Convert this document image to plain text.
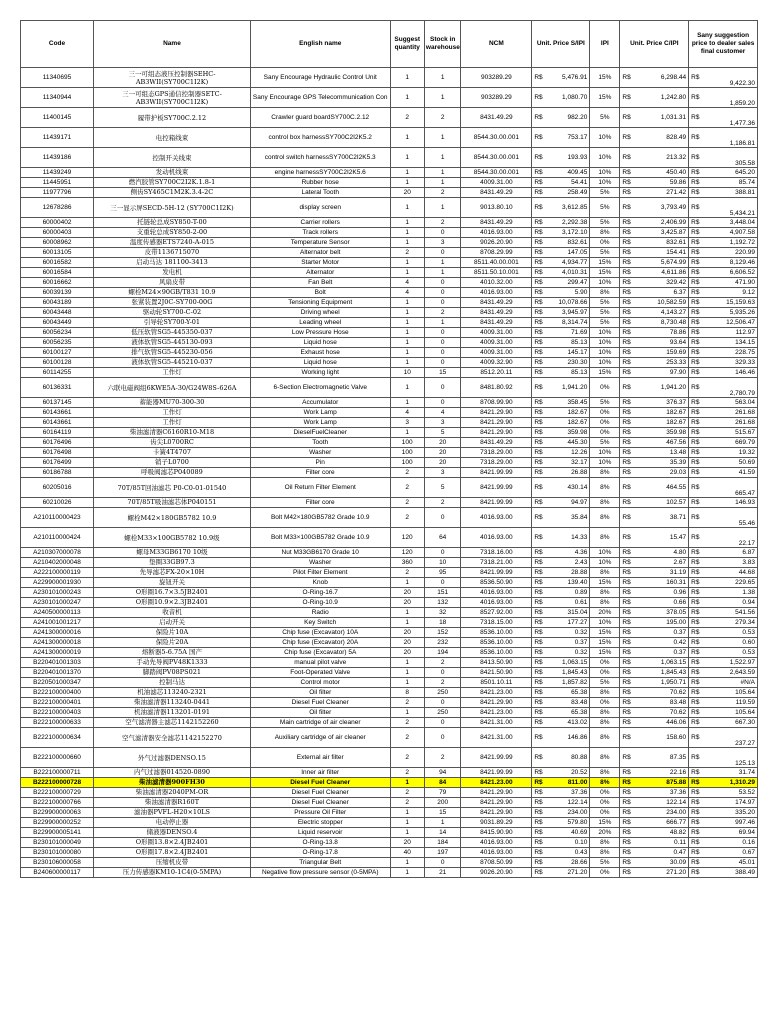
Code	Name	English name	Suggest quantity	Stock in warehouse	NCM	Unit. Price S/IPI		IPI	Unit. Price C/IPI		Sany suggestion price to dealer sales final customer	
11340695	三一可组态液压控制器SEHC-AB3WII(SY700C1I2K)	Sany Encourage Hydraulic Control Unit	1	1	903289.29	R$	5,476.91	15%	R$	6,298.44	R$	9,422.30
11340944	三一可组态GPS通信控制器SETC-AB3WII(SY700C1I2K)	Sany Encourage GPS Telecommunication Con	1	1	903289.29	R$	1,080.70	15%	R$	1,242.80	R$	1,859.20
11400145	履带护板SY700C.2.12	Crawler guard boardSY700C.2.12	2	2	8431.49.29	R$	982.20	5%	R$	1,031.31	R$	1,477.36
11439171	电控箱线束	control box harnessSY700C2I2K5.2	1	1	8544.30.00.001	R$	753.17	10%	R$	828.49	R$	1,186.81
11439186	控制开关线束	control switch harnessSY700C2I2K5.3	1	1	8544.30.00.001	R$	193.93	10%	R$	213.32	R$	305.58
11439249	发动机线束	engine harnessSY700C2I2K5.6	1	1	8544.30.00.001	R$	409.45	10%	R$	450.40	R$	645.20
11445951	燃汽胶管SY700C2I2K.1.8-1	Rubber hose	1	1	4009.31.00	R$	54.41	10%	R$	59.86	R$	85.74
11977796	侧齿SY465C1M2K.3.4-2C	Lateral Tooth	20	2	8431.49.29	R$	258.49	5%	R$	271.42	R$	388.81
12678286	三一显示屏SECD-5H-12 (SY700C1I2K)	display screen	1	1	9013.80.10	R$	3,612.85	5%	R$	3,793.49	R$	5,434.21
60000402	托链轮总成SY850-T-00	Carrier rollers	1	2	8431.49.29	R$	2,292.38	5%	R$	2,406.99	R$	3,448.04
60000403	支重轮总成SY850-2-00	Track rollers	1	0	4016.93.00	R$	3,172.10	8%	R$	3,425.87	R$	4,907.58
60008962	温度传感器ETS7240-A-015	Temperature Sensor	1	3	9026.20.90	R$	832.61	0%	R$	832.61	R$	1,192.72
60013105	皮带1136715070	Alternator belt	2	0	8708.29.99	R$	147.05	5%	R$	154.41	R$	220.99
60016582	启动马达 181100-3413	Starter Motor	1	1	8511.40.00.001	R$	4,934.77	15%	R$	5,674.99	R$	8,129.46
60016584	发电机	Alternator	1	1	8511.50.10.001	R$	4,010.31	15%	R$	4,611.86	R$	6,606.52
60016662	风扇皮带	Fan Belt	4	0	4010.32.00	R$	299.47	10%	R$	329.42	R$	471.90
60039139	螺栓M24×90GB/T831 10.9	Bolt	4	0	4016.93.00	R$	5.90	8%	R$	6.37	R$	9.12
60043189	张紧装置2J0C-SY700-00G	Tensioning Equipment	1	0	8431.49.29	R$	10,078.66	5%	R$	10,582.59	R$	15,159.63
60043448	驱动轮SY700-C-02	Driving wheel	1	2	8431.49.29	R$	3,945.97	5%	R$	4,143.27	R$	5,935.26
60043449	引导轮SY700-Y-01	Leading wheel	1	1	8431.49.29	R$	8,314.74	5%	R$	8,730.48	R$	12,506.47
60056234	低压软管SG5-445350-037	Low Pressure Hose	1	0	4009.31.00	R$	71.69	10%	R$	78.86	R$	112.97
60056235	液体软管SG5-445130-093	Liquid hose	1	0	4009.31.00	R$	85.13	10%	R$	93.64	R$	134.15
60100127	排气软管SG5-445230-056	Exhaust hose	1	0	4009.31.00	R$	145.17	10%	R$	159.69	R$	228.75
60100128	液体软管SG5-445210-037	Liquid hose	1	0	4009.32.90	R$	230.30	10%	R$	253.33	R$	329.33
60114255	工作灯	Working light	10	15	8512.20.11	R$	85.13	15%	R$	97.90	R$	146.46
60136331	六联电磁阀组6KWE5A-30/G24W8S-626A	6-Section Electromagnetic Valve	1	0	8481.80.92	R$	1,941.20	0%	R$	1,941.20	R$	2,780.79
60137145	蓄能器MU70-300-30	Accumulator	1	0	8708.99.90	R$	358.45	5%	R$	376.37	R$	563.04
60143661	工作灯	Work Lamp	4	4	8421.29.90	R$	182.67	0%	R$	182.67	R$	261.68
60143661	工作灯	Work Lamp	3	3	8421.29.90	R$	182.67	0%	R$	182.67	R$	261.68
60164119	柴油滤清器C6160R10-M18	DieselFuelCleaner	1	5	8421.29.90	R$	359.98	0%	R$	359.98	R$	515.67
60176496	齿尖L0700RC	Tooth	100	20	8431.49.29	R$	445.30	5%	R$	467.56	R$	669.79
60176498	卡簧4T4707	Washer	100	20	7318.29.00	R$	12.26	10%	R$	13.48	R$	19.32
60176499	销子L0700	Pin	100	20	7318.29.00	R$	32.17	10%	R$	35.39	R$	50.69
60186788	呼吸阀滤芯P040089	Filter core	2	3	8421.99.99	R$	26.88	8%	R$	29.03	R$	41.59
60205016	70T/85T回油滤芯 P0-C0-01-01540	Oil Return Filter Element	2	5	8421.99.99	R$	430.14	8%	R$	464.55	R$	665.47
60210026	70T/85T吸油滤芯体P040151	Filter core	2	2	8421.99.99	R$	94.97	8%	R$	102.57	R$	146.93
A210110000423	螺栓M42×180GB5782 10.9	Bolt M42×180GB5782 Grade 10.9	2	0	4016.93.00	R$	35.84	8%	R$	38.71	R$	55.46
A210110000424	螺栓M33×100GB5782 10.9级	Bolt M33×100GB5782 Grade 10.9	120	64	4016.93.00	R$	14.33	8%	R$	15.47	R$	22.17
A210307000078	螺母M33GB6170 10级	Nut M33GB6170 Grade 10	120	0	7318.16.00	R$	4.36	10%	R$	4.80	R$	6.87
A210402000048	垫圈33GB97.3	Washer	360	10	7318.21.00	R$	2.43	10%	R$	2.67	R$	3.83
A222100000119	先导滤芯FX-20×10H	Pilot Filter Element	2	95	8421.99.99	R$	28.88	8%	R$	31.19	R$	44.68
A229900001930	旋钮开关	Knob	1	0	8536.50.90	R$	139.40	15%	R$	160.31	R$	229.65
A230101000243	O形圈16.7×3.5JB2401	O-Ring-16.7	20	151	4016.93.00	R$	0.89	8%	R$	0.96	R$	1.38
A230101000247	O形圈10.9×2.3JB2401	O-Ring-10.9	20	132	4016.93.00	R$	0.61	8%	R$	0.66	R$	0.94
A240500000113	收音机	Radio	1	32	8527.92.00	R$	315.04	20%	R$	378.05	R$	541.56
A241001001217	启动开关	Key Switch	1	18	7318.15.00	R$	177.27	10%	R$	195.00	R$	279.34
A241300000016	保险片10A	Chip fuse (Excavator) 10A	20	152	8536.10.00	R$	0.32	15%	R$	0.37	R$	0.53
A241300000018	保险片20A	Chip fuse (Excavator) 20A	20	232	8536.10.00	R$	0.37	15%	R$	0.42	R$	0.60
A241300000019	熔断器5-6.75A 国产	Chip fuse (Excavator) 5A	20	194	8536.10.00	R$	0.32	15%	R$	0.37	R$	0.53
B220401001303	手动先导阀PV48K1333	manual pilot valve	1	2	8413.50.90	R$	1,063.15	0%	R$	1,063.15	R$	1,522.97
B220401001370	脚踏阀PV08PS021	Foot-Operated Valve	1	0	8421.50.90	R$	1,845.43	0%	R$	1,845.43	R$	2,643.59
B220501000347	控制马达	Control motor	1	2	8501.10.11	R$	1,857.82	5%	R$	1,950.71	R$	#N/A
B222100000400	机油滤芯113240-2321	Oil filter	8	250	8421.23.00	R$	65.38	8%	R$	70.62	R$	105.64
B222100000401	柴油滤清器113240-0441	Diesel Fuel Cleaner	2	0	8421.29.90	R$	83.48	0%	R$	83.48	R$	119.59
B222100000403	机油滤清器113201-0191	Oil filter	1	250	8421.23.00	R$	65.38	8%	R$	70.62	R$	105.64
B222100000633	空气滤清器主滤芯1142152260	Main cartridge of air cleaner	2	0	8421.31.00	R$	413.02	8%	R$	446.06	R$	667.30
B222100000634	空气滤清器安全滤芯1142152270	Auxiliary cartridge of air cleaner	2	0	8421.31.00	R$	146.86	8%	R$	158.60	R$	237.27
B222100000660	外气过滤器DENSO.15	External air filter	2	2	8421.99.99	R$	80.88	8%	R$	87.35	R$	125.13
B222100000711	内气过滤器014520-0890	Inner air filter	2	94	8421.99.99	R$	20.52	8%	R$	22.16	R$	31.74
B222100000728	柴油滤清器900FH30	Diesel Fuel Cleaner	1	84	8421.23.00	R$	811.00	8%	R$	875.88	R$	1,310.29
B222100000729	柴油滤清器2040PM-OR	Diesel Fuel Cleaner	2	79	8421.29.90	R$	37.36	0%	R$	37.36	R$	53.52
B222100000766	柴油滤清器R160T	Diesel Fuel Cleaner	2	200	8421.29.90	R$	122.14	0%	R$	122.14	R$	174.97
B229900000063	滤油器PVFL-H20×10LS	Pressure Oil Filter	1	15	8421.29.90	R$	234.00	0%	R$	234.00	R$	335.20
B229900000252	电动停止器	Electric stopper	1	1	9031.89.29	R$	579.80	15%	R$	666.77	R$	997.46
B229900005141	储液器DENSO.4	Liquid reservoir	1	14	8415.90.90	R$	40.69	20%	R$	48.82	R$	69.94
B230101000049	O形圈13.8×2.4JB2401	O-Ring-13.8	20	184	4016.93.00	R$	0.10	8%	R$	0.11	R$	0.16
B230101000080	O形圈17.8×2.4JB2401	O-Ring-17.8	40	197	4016.93.00	R$	0.43	8%	R$	0.47	R$	0.67
B230106000058	压缩机皮带	Triangular Belt	1	0	8708.50.99	R$	28.66	5%	R$	30.09	R$	45.01
B240600000117	压力传感器KM10-1C4(0-5MPA)	Negative flow pressure sensor (0-5MPA)	1	21	9026.20.90	R$	271.20	0%	R$	271.20	R$	388.49
